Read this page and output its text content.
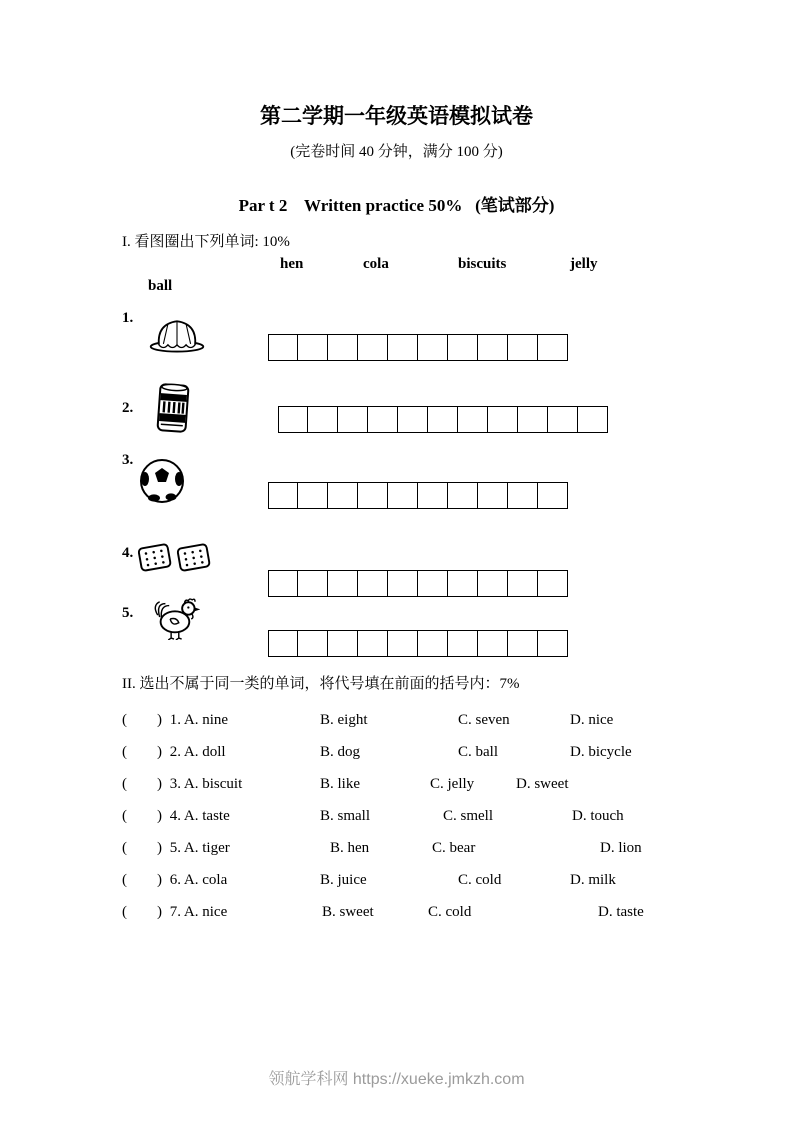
第二学期一年级英语模拟试卷
(完卷时间 40 分钟，满分 100 分)
Par t 2    Written practice 50%   (笔试部分)
I. 看图圈出下列单词: 10%
hen	cola	biscuits	jelly
ball
1.
2.
3.
4.
5.
II. 选出不属于同一类的单词，将代号填在前面的括号内：7%
(        ) 1. A. nine	B. eight	C. seven	D. nice
(        ) 2. A. doll	B. dog	C. ball	D. bicycle
(        ) 3. A. biscuit	B. like	C. jelly	D. sweet
(        ) 4. A. taste	B. small	C. smell	D. touch
(        ) 5. A. tiger	B. hen	C. bear	D. lion
(        ) 6. A. cola	B. juice	C. cold	D. milk
(        ) 7. A. nice	B. sweet	C. cold	D. taste
领航学科网 https://xueke.jmkzh.com
